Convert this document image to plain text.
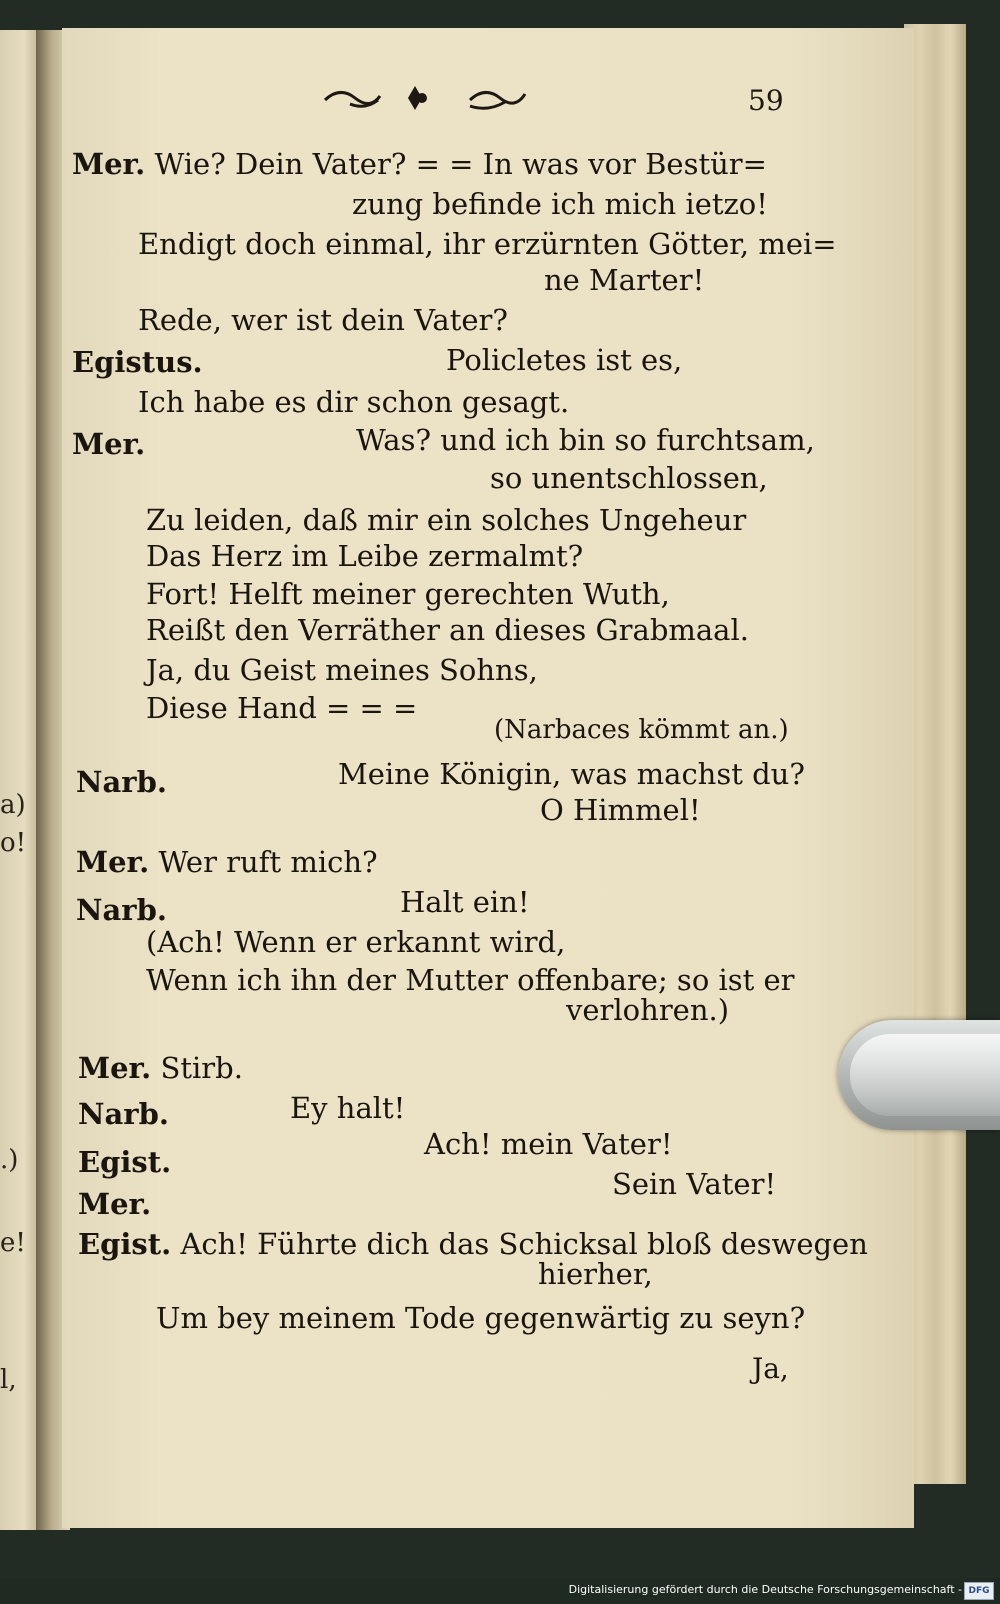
a)
o!
.)
e!
l,
59
Mer. Wie? Dein Vater? = = In was vor Bestür=
zung befinde ich mich ietzo!
Endigt doch einmal, ihr erzürnten Götter, mei=
ne Marter!
Rede, wer ist dein Vater?
Egistus.	Policletes ist es,
Ich habe es dir schon gesagt.
Mer.	Was? und ich bin so furchtsam,
so unentschlossen,
Zu leiden, daß mir ein solches Ungeheur
Das Herz im Leibe zermalmt?
Fort! Helft meiner gerechten Wuth,
Reißt den Verräther an dieses Grabmaal.
Ja, du Geist meines Sohns,
Diese Hand = = =
(Narbaces kömmt an.)
Narb.	Meine Königin, was machst du?
O Himmel!
Mer. Wer ruft mich?
Narb.	Halt ein!
(Ach! Wenn er erkannt wird,
Wenn ich ihn der Mutter offenbare; so ist er
verlohren.)
Mer. Stirb.
Narb.	Ey halt!
Egist.
Ach! mein Vater!
Mer.
Sein Vater!
Egist. Ach! Führte dich das Schicksal bloß deswegen
hierher,
Um bey meinem Tode gegenwärtig zu seyn?
Ja,
Digitalisierung gefördert durch die Deutsche Forschungsgemeinschaft - DFG
